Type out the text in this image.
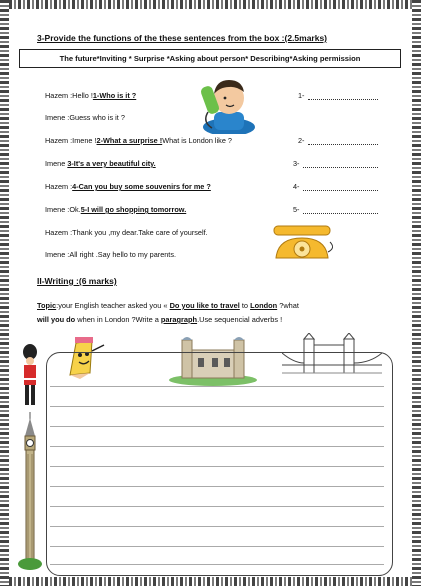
3-Provide the functions of the these sentences from the box :(2.5marks)
The future*Inviting * Surprise *Asking about person* Describing*Asking permission
Hazem :Hello !1-Who is it ?
Imene :Guess who is it ?
Hazem :Imene !2-What a surprise !What is London like ?
Imene 3-It's a very beautiful city.
Hazem :4-Can you buy some souvenirs for me ?
Imene :Ok.5-I will go shopping tomorrow.
Hazem :Thank you ,my dear.Take care of yourself.
Imene :All right .Say hello to my parents.
1-
2-
3-
4-
5-
II-Writing :(6 marks)
Topic:your English teacher asked you « Do you like to travel to London ?what
will you do when in London ?Write a paragraph.Use sequencial adverbs !
